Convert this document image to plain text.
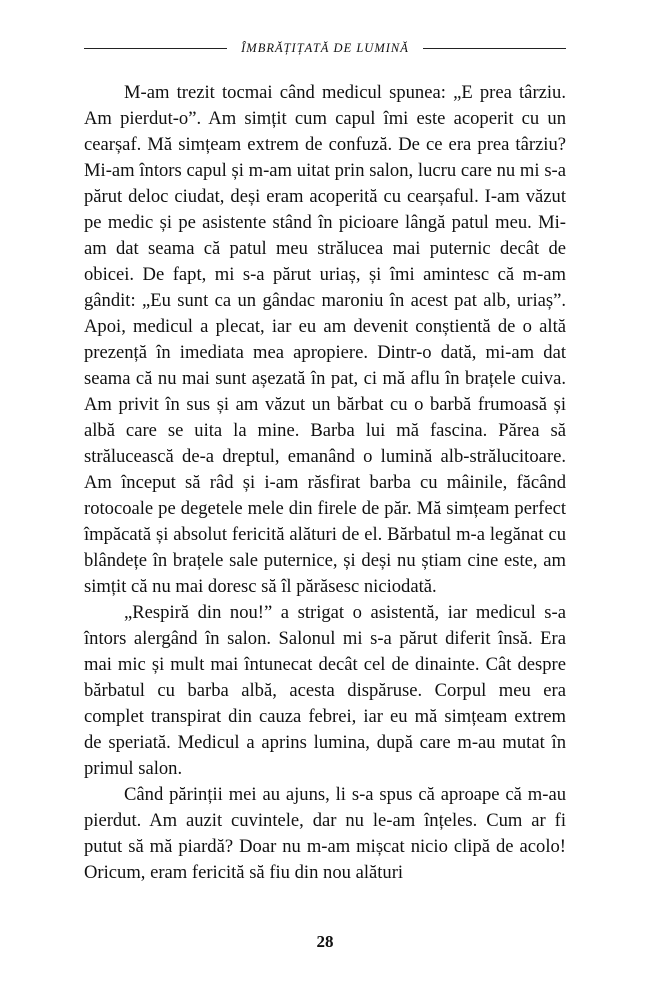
ÎMBRĂȚIȚATĂ DE LUMINĂ

M-am trezit tocmai când medicul spunea: „E prea târziu. Am pierdut-o”. Am simțit cum capul îmi este acoperit cu un cearșaf. Mă simțeam extrem de confuză. De ce era prea târziu? Mi-am întors capul și m-am uitat prin salon, lucru care nu mi s-a părut deloc ciudat, deși eram acoperită cu cearșaful. I-am văzut pe medic și pe asistente stând în picioare lângă patul meu. Mi-am dat seama că patul meu strălucea mai puternic decât de obicei. De fapt, mi s-a părut uriaș, și îmi amintesc că m-am gândit: „Eu sunt ca un gândac maroniu în acest pat alb, uriaș”. Apoi, medicul a plecat, iar eu am devenit conștientă de o altă prezență în imediata mea apropiere. Dintr-o dată, mi-am dat seama că nu mai sunt așezată în pat, ci mă aflu în brațele cuiva. Am privit în sus și am văzut un bărbat cu o barbă frumoasă și albă care se uita la mine. Barba lui mă fascina. Părea să strălucească de-a dreptul, emanând o lumină alb-strălucitoare. Am început să râd și i-am răsfirat barba cu mâinile, făcând rotocoale pe degetele mele din firele de păr. Mă simțeam perfect împăcată și absolut fericită alături de el. Bărbatul m-a legănat cu blândețe în brațele sale puternice, și deși nu știam cine este, am simțit că nu mai doresc să îl părăsesc niciodată.

„Respiră din nou!” a strigat o asistentă, iar medicul s-a întors alergând în salon. Salonul mi s-a părut diferit însă. Era mai mic și mult mai întunecat decât cel de dinainte. Cât despre bărbatul cu barba albă, acesta dispăruse. Corpul meu era complet transpirat din cauza febrei, iar eu mă simțeam extrem de speriată. Medicul a aprins lumina, după care m-au mutat în primul salon.

Când părinții mei au ajuns, li s-a spus că aproape că m-au pierdut. Am auzit cuvintele, dar nu le-am înțeles. Cum ar fi putut să mă piardă? Doar nu m-am mișcat nicio clipă de acolo! Oricum, eram fericită să fiu din nou alături

28
